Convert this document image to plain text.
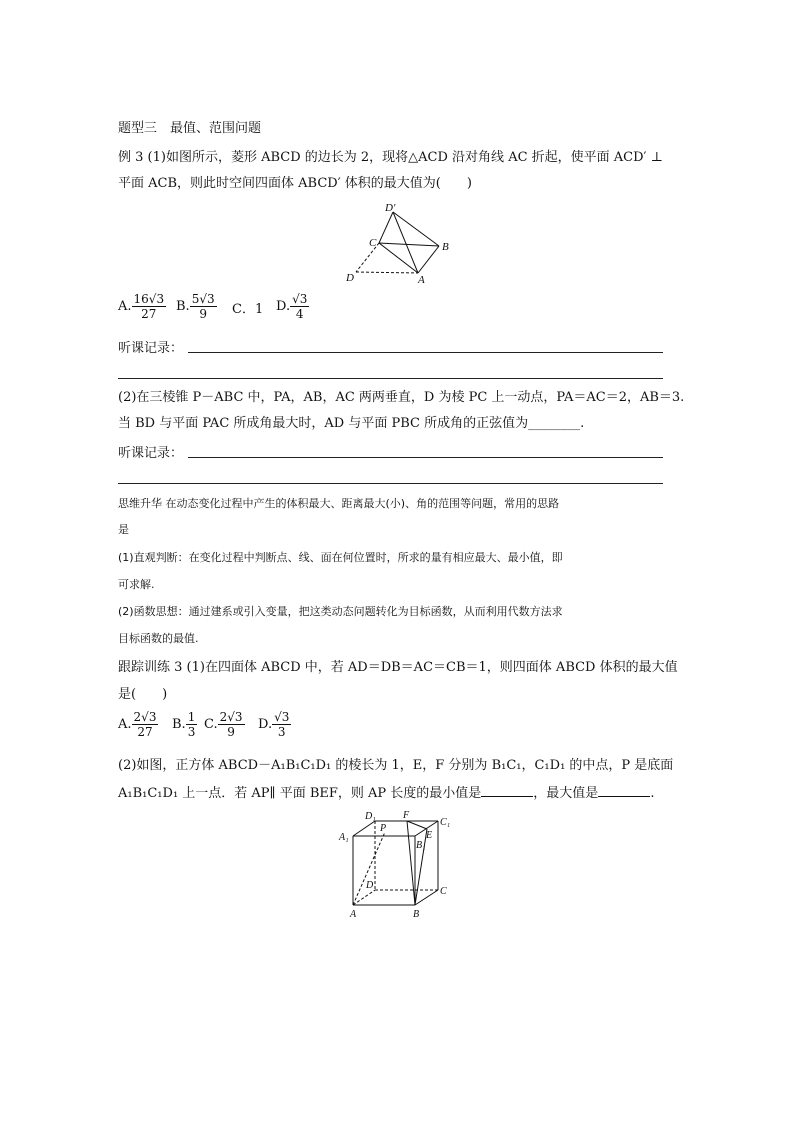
题型三　最值、范围问题
例 3 (1)如图所示，菱形 ABCD 的边长为 2，现将△ACD 沿对角线 AC 折起，使平面 ACD′ ⊥
平面 ACB，则此时空间四面体 ABCD′ 体积的最大值为(　　)
D′
C	B
D	A
A. $\frac{16√3}{27} B$. $\frac{5√3}{9}$ C．1 D. $\frac{√3}{4}$
听课记录：
(2)在三棱锥 P－ABC 中，PA，AB，AC 两两垂直，D 为棱 PC 上一动点，PA＝AC＝2，AB＝3.
当 BD 与平面 PAC 所成角最大时，AD 与平面 PBC 所成角的正弦值为________.
听课记录：
思维升华 在动态变化过程中产生的体积最大、距离最大(小)、角的范围等问题，常用的思路
是
(1)直观判断：在变化过程中判断点、线、面在何位置时，所求的量有相应最大、最小值，即
可求解.
(2)函数思想：通过建系或引入变量，把这类动态问题转化为目标函数，从而利用代数方法求
目标函数的最值.
跟踪训练 3 (1)在四面体 ABCD 中，若 AD＝DB＝AC＝CB＝1，则四面体 ABCD 体积的最大值
是(　　)
A. $\frac{2√3}{27} B$. $\frac{1}{3} C$. $\frac{2√3}{9} D$. $\frac{√3}{3}$
(2)如图，正方体 ABCD－A₁B₁C₁D₁ 的棱长为 1，E，F 分别为 B₁C₁，C₁D₁ 的中点，P 是底面
A₁B₁C₁D₁ 上一点．若 AP∥ 平面 BEF，则 AP 长度的最小值是	，最大值是	.
D₁	F
C₁
A₁
P
E
B₁
D
C
A	B
